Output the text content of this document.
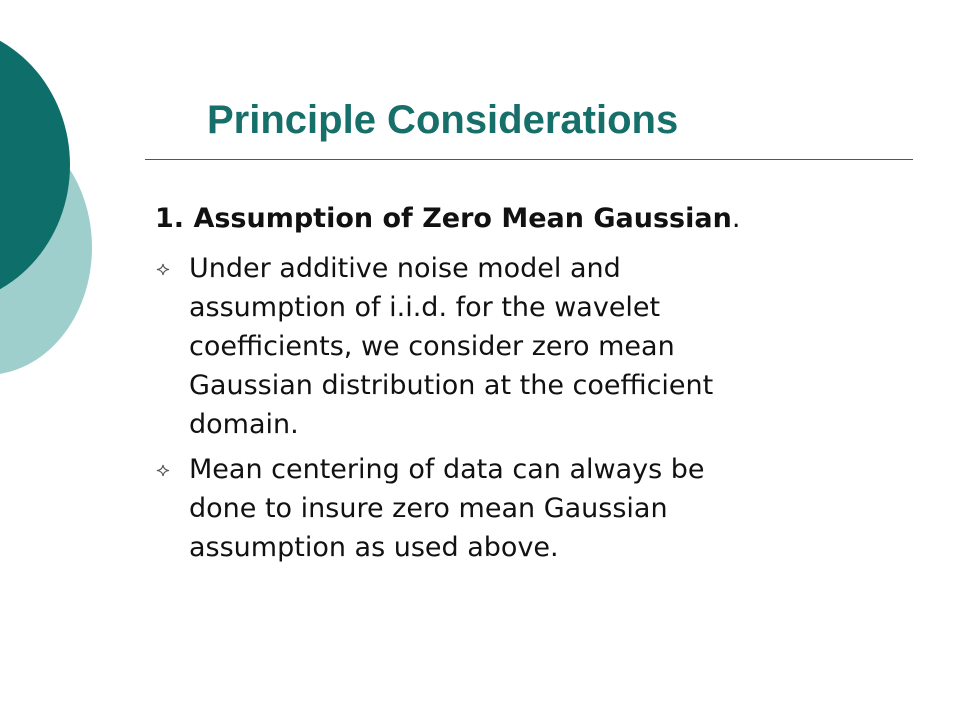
Principle Considerations

1. Assumption of Zero Mean Gaussian.

Under additive noise model and
assumption of i.i.d. for the wavelet
coefficients, we consider zero mean
Gaussian distribution at the coefficient
domain.
Mean centering of data can always be
done to insure zero mean Gaussian
assumption as used above.
